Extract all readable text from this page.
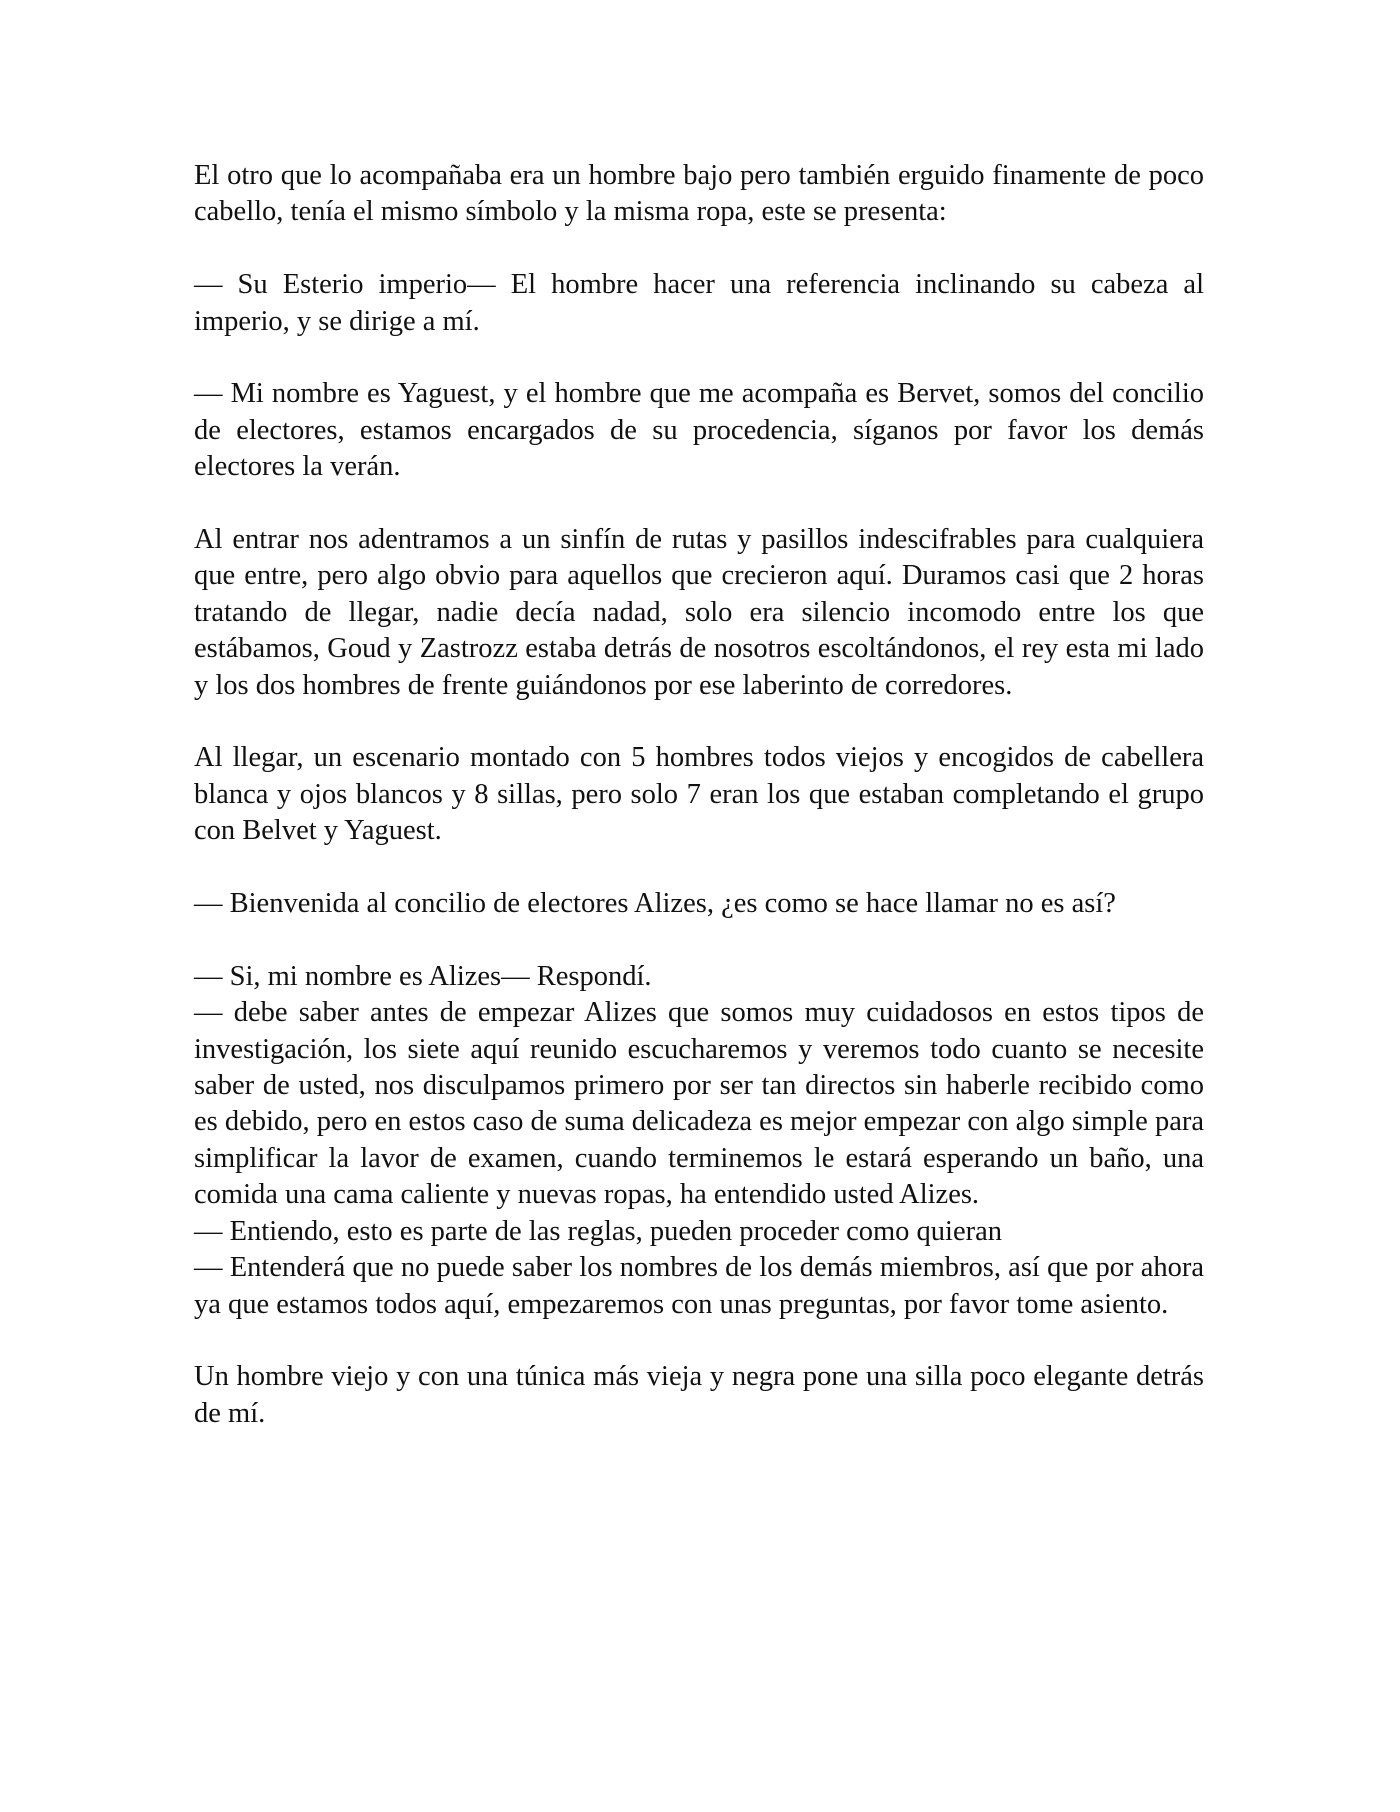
El otro que lo acompañaba era un hombre bajo pero también erguido finamente de poco cabello, tenía el mismo símbolo y la misma ropa, este se presenta:

— Su Esterio imperio— El hombre hacer una referencia inclinando su cabeza al imperio, y se dirige a mí.

— Mi nombre es Yaguest, y el hombre que me acompaña es Bervet, somos del concilio de electores, estamos encargados de su procedencia, síganos por favor los demás electores la verán.

Al entrar nos adentramos a un sinfín de rutas y pasillos indescifrables para cualquiera que entre, pero algo obvio para aquellos que crecieron aquí. Duramos casi que 2 horas tratando de llegar, nadie decía nadad, solo era silencio incomodo entre los que estábamos, Goud y Zastrozz estaba detrás de nosotros escoltándonos, el rey esta mi lado y los dos hombres de frente guiándonos por ese laberinto de corredores.

Al llegar, un escenario montado con 5 hombres todos viejos y encogidos de cabellera blanca y ojos blancos y 8 sillas, pero solo 7 eran los que estaban completando el grupo con Belvet y Yaguest.

— Bienvenida al concilio de electores Alizes, ¿es como se hace llamar no es así?

— Si, mi nombre es Alizes— Respondí.

— debe saber antes de empezar Alizes que somos muy cuidadosos en estos tipos de investigación, los siete aquí reunido escucharemos y veremos todo cuanto se necesite saber de usted, nos disculpamos primero por ser tan directos sin haberle recibido como es debido, pero en estos caso de suma delicadeza es mejor empezar con algo simple para simplificar la lavor de examen, cuando terminemos le estará esperando un baño, una comida una cama caliente y nuevas ropas, ha entendido usted Alizes.

— Entiendo, esto es parte de las reglas, pueden proceder como quieran

— Entenderá que no puede saber los nombres de los demás miembros, así que por ahora ya que estamos todos aquí, empezaremos con unas preguntas, por favor tome asiento.

Un hombre viejo y con una túnica más vieja y negra pone una silla poco elegante detrás de mí.
